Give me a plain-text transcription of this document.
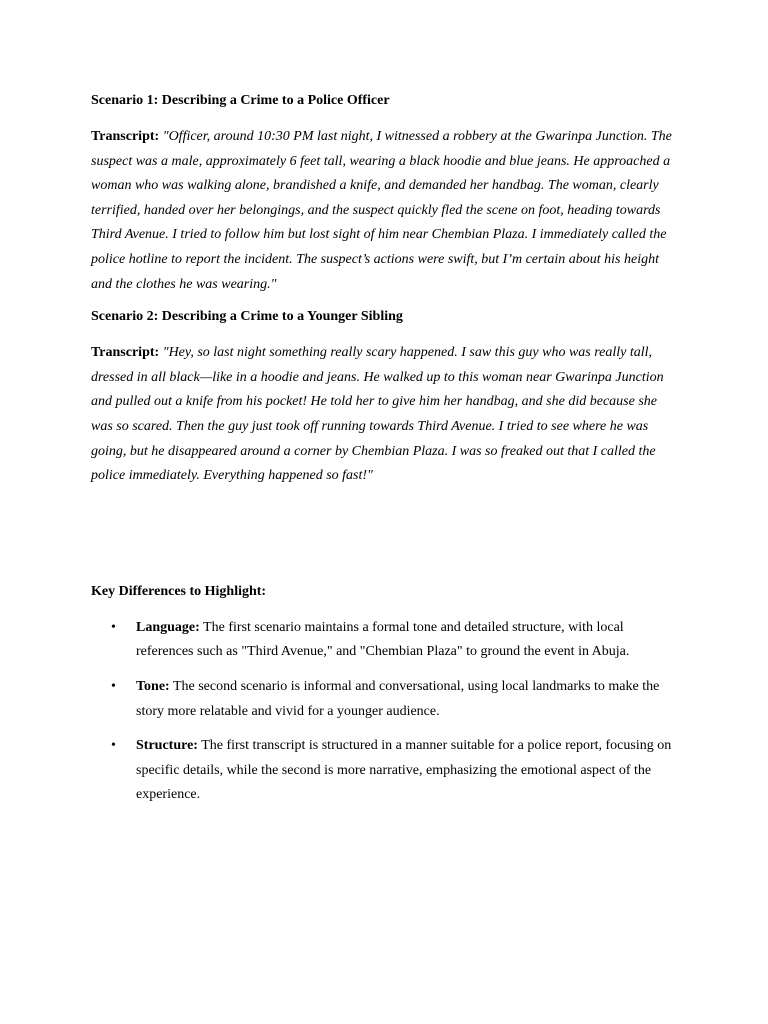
Scenario 1: Describing a Crime to a Police Officer

Transcript: "Officer, around 10:30 PM last night, I witnessed a robbery at the Gwarinpa Junction. The suspect was a male, approximately 6 feet tall, wearing a black hoodie and blue jeans. He approached a woman who was walking alone, brandished a knife, and demanded her handbag. The woman, clearly terrified, handed over her belongings, and the suspect quickly fled the scene on foot, heading towards Third Avenue. I tried to follow him but lost sight of him near Chembian Plaza. I immediately called the police hotline to report the incident. The suspect’s actions were swift, but I’m certain about his height and the clothes he was wearing."

Scenario 2: Describing a Crime to a Younger Sibling

Transcript: "Hey, so last night something really scary happened. I saw this guy who was really tall, dressed in all black—like in a hoodie and jeans. He walked up to this woman near Gwarinpa Junction and pulled out a knife from his pocket! He told her to give him her handbag, and she did because she was so scared. Then the guy just took off running towards Third Avenue. I tried to see where he was going, but he disappeared around a corner by Chembian Plaza. I was so freaked out that I called the police immediately. Everything happened so fast!"

Key Differences to Highlight:

• Language: The first scenario maintains a formal tone and detailed structure, with local references such as "Third Avenue," and "Chembian Plaza" to ground the event in Abuja.
• Tone: The second scenario is informal and conversational, using local landmarks to make the story more relatable and vivid for a younger audience.
• Structure: The first transcript is structured in a manner suitable for a police report, focusing on specific details, while the second is more narrative, emphasizing the emotional aspect of the experience.
